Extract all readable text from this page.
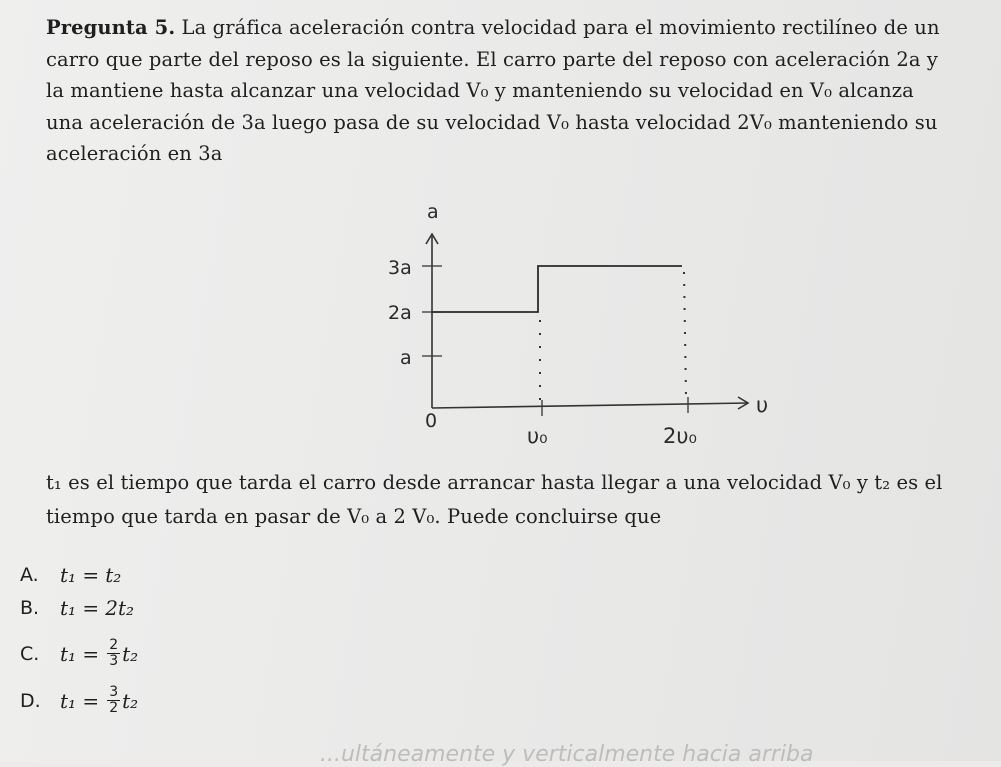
Pregunta 5. La gráfica aceleración contra velocidad para el movimiento rectilíneo de un carro que parte del reposo es la siguiente. El carro parte del reposo con aceleración 2a y la mantiene hasta alcanzar una velocidad V₀ y manteniendo su velocidad en V₀ alcanza una aceleración de 3a luego pasa de su velocidad V₀ hasta velocidad 2V₀ manteniendo su aceleración en 3a
a
3a
2a
a
0
υ₀	2υ₀
υ
t₁ es el tiempo que tarda el carro desde arrancar hasta llegar a una velocidad V₀ y t₂ es el tiempo que tarda en pasar de V₀ a 2 V₀. Puede concluirse que
A.	t₁ =
t₂
B.	t₁ =
2t₂
C.	t₁ =
$\frac{2}{3} t_2$
D. t₁ =
$\frac{3}{2} t_2$
...ultáneamente y verticalmente hacia arriba
